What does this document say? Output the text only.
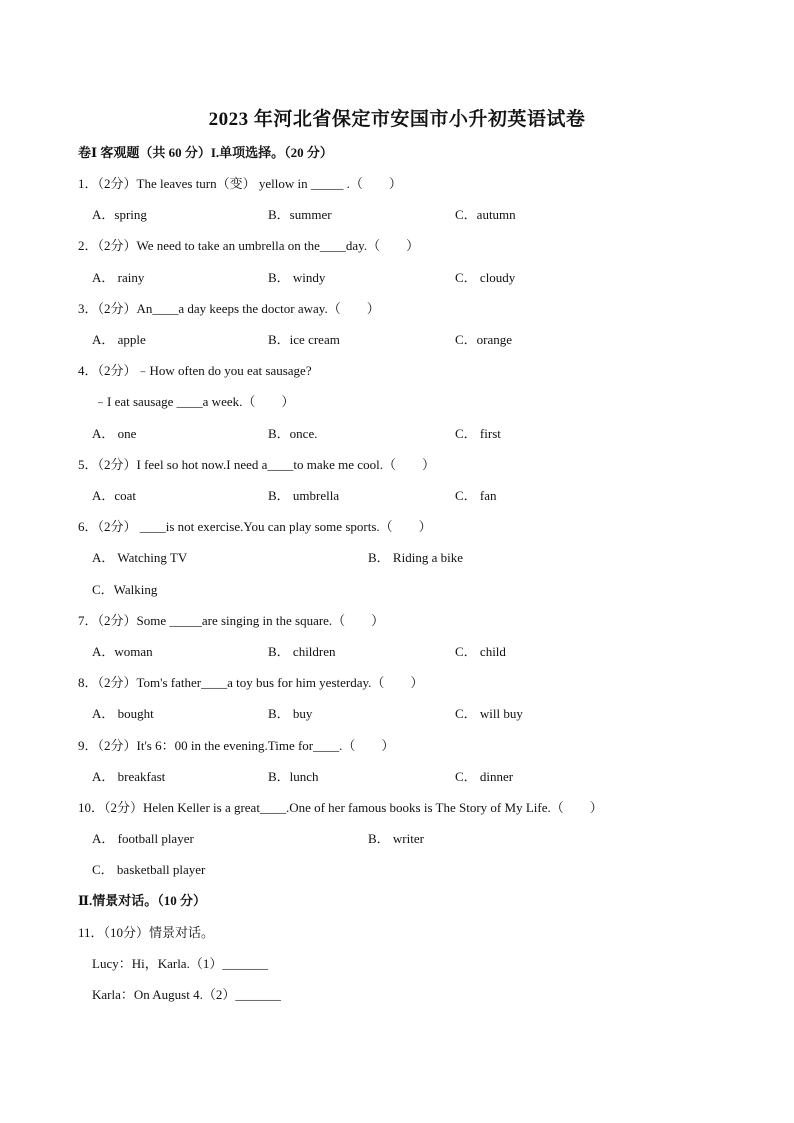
2023 年河北省保定市安国市小升初英语试卷
卷Ⅰ 客观题（共 60 分）I.单项选择。（20 分）
1．（2分）The leaves turn（变） yellow in _____ .（　　）
A．spring	B．summer	C．autumn
2．（2分）We need to take an umbrella on the____day.（　　）
A． rainy	B． windy	C． cloudy
3．（2分）An____a day keeps the doctor away.（　　）
A． apple	B．ice cream	C．orange
4．（2分）﹣How often do you eat sausage?
﹣I eat sausage ____a week.（　　）
A． one	B．once.	C． first
5．（2分）I feel so hot now.I need a____to make me cool.（　　）
A．coat	B． umbrella	C． fan
6．（2分） ____is not exercise.You can play some sports.（　　）
A． Watching TV	B． Riding a bike
C．Walking
7．（2分）Some _____are singing in the square.（　　）
A．woman	B． children	C． child
8．（2分）Tom's father____a toy bus for him yesterday.（　　）
A． bought	B． buy	C． will buy
9．（2分）It's 6：00 in the evening.Time for____.（　　）
A． breakfast	B．lunch	C． dinner
10．（2分）Helen Keller is a great____.One of her famous books is The Story of My Life.（　　）
A． football player	B． writer
C． basketball player
Ⅱ.情景对话。（10 分）
11．（10分）情景对话。
Lucy：Hi，Karla.（1）_______
Karla：On August 4.（2）_______
